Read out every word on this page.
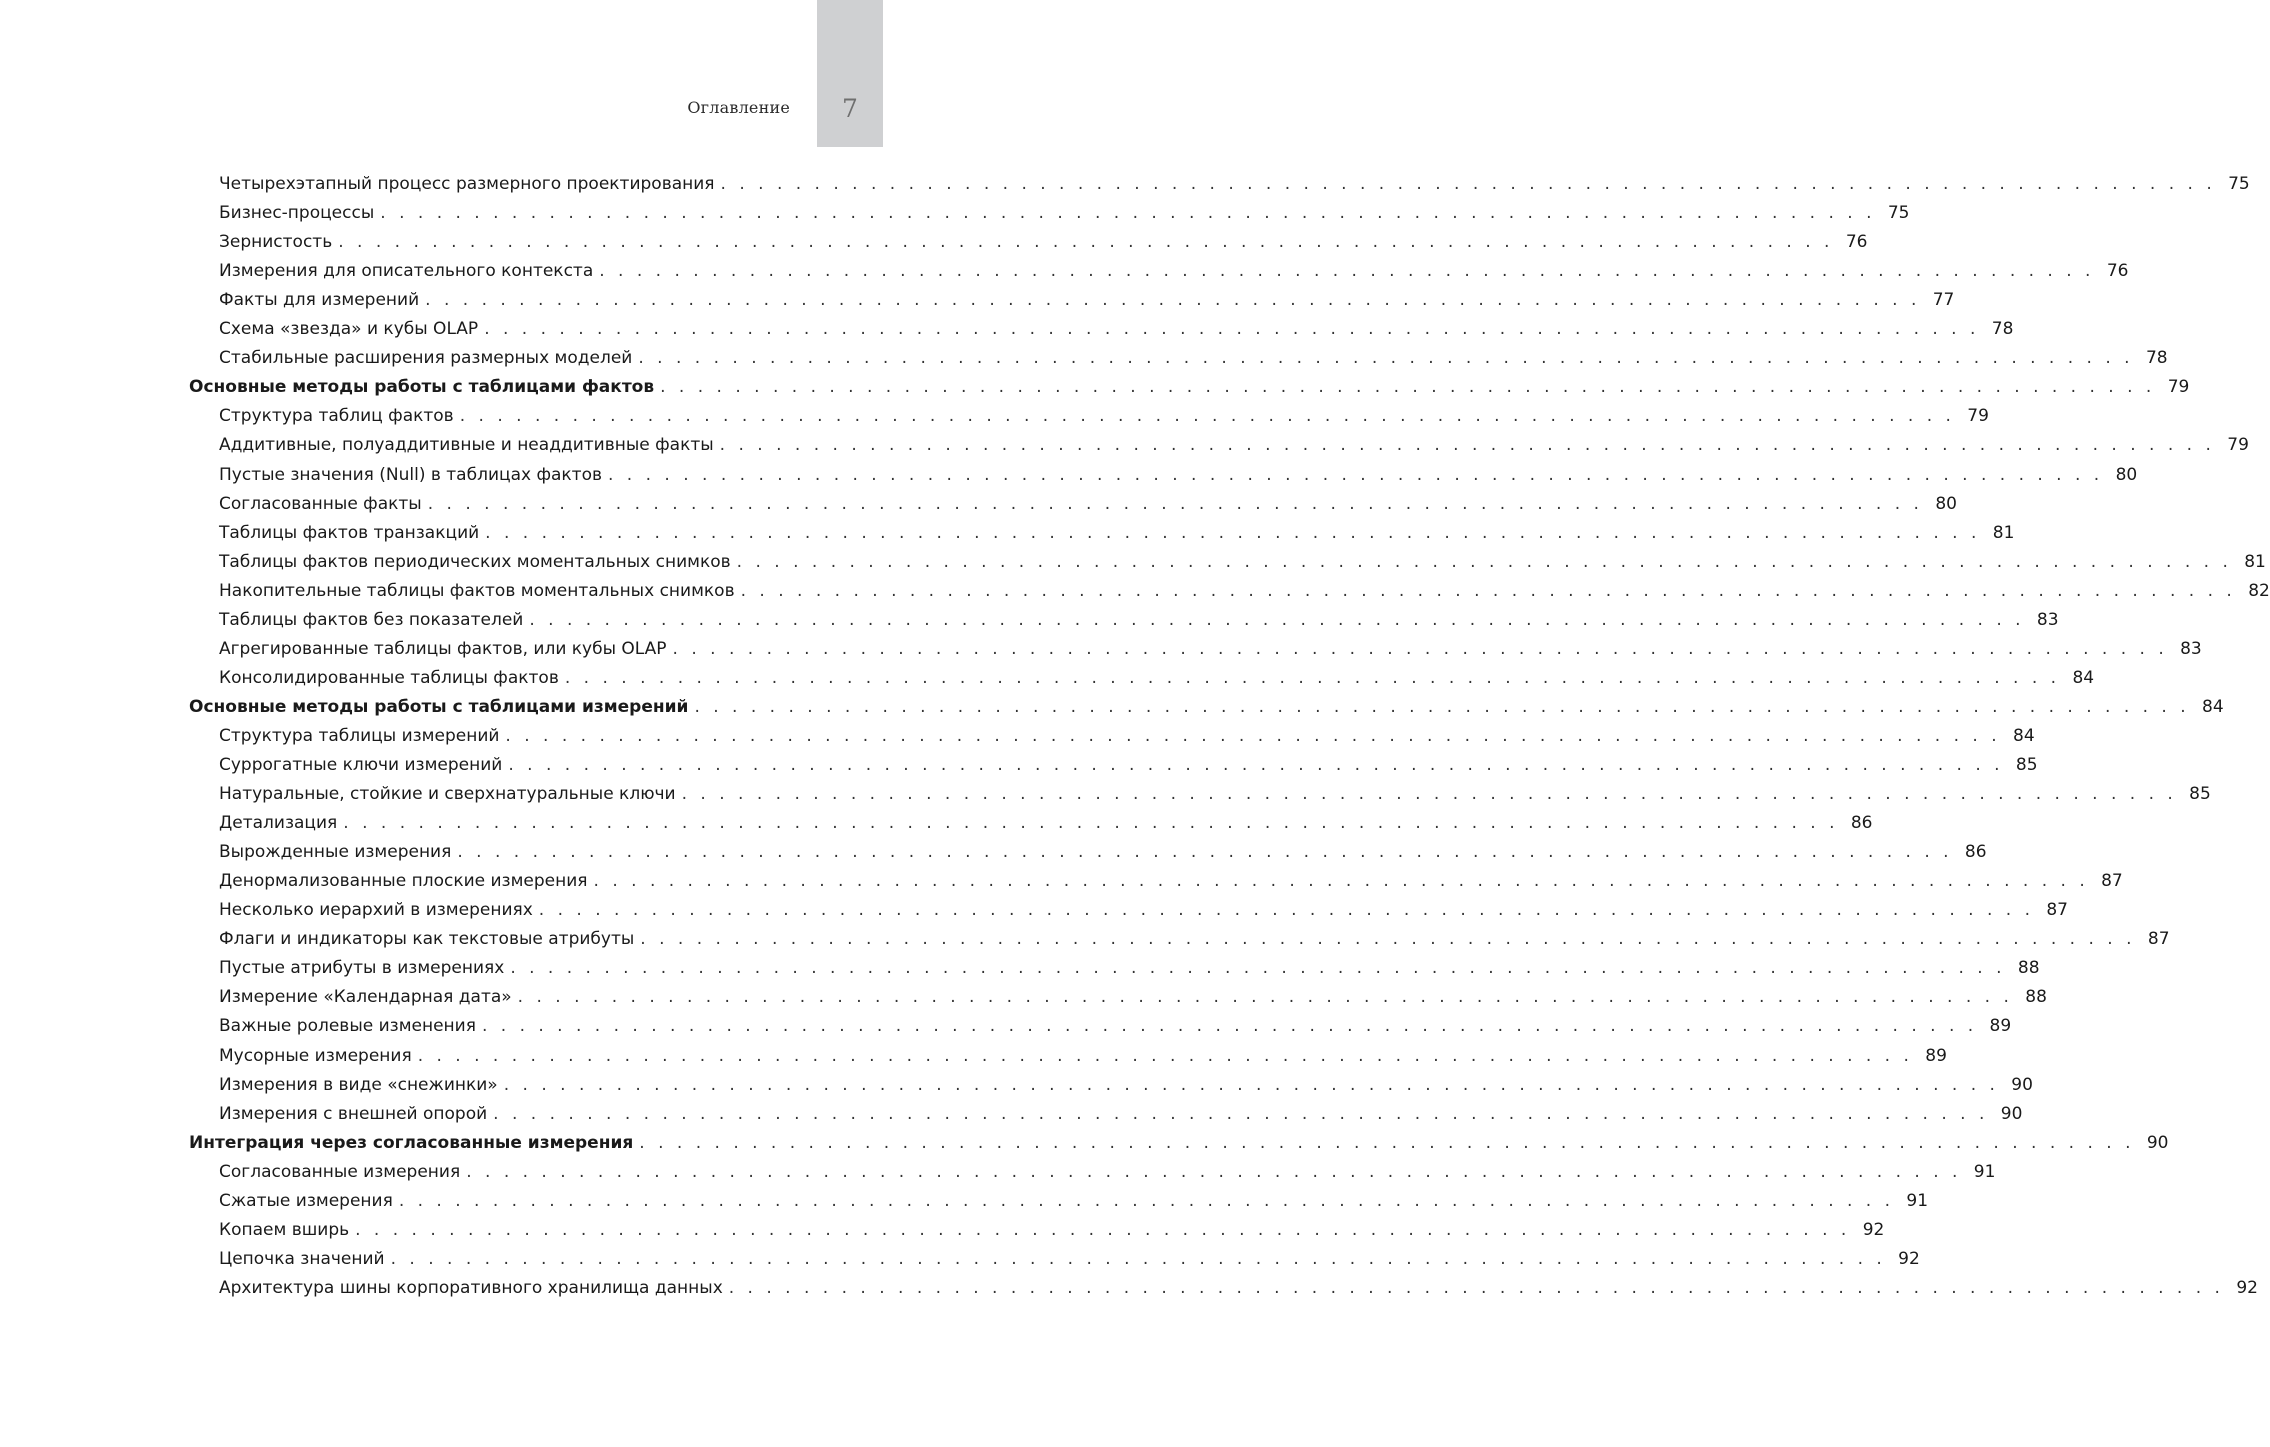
7
Оглавление
Четырехэтапный процесс размерного проектирования . . . . . . . . . . . . . . . . . . . . . . . . . . . . . . . . . . . . . . . . . . . . . . . . . . . . . . . . . . . . . . . . . . . . . . . . . . . . . . . . 75
Бизнес-процессы . . . . . . . . . . . . . . . . . . . . . . . . . . . . . . . . . . . . . . . . . . . . . . . . . . . . . . . . . . . . . . . . . . . . . . . . . . . . . . . . 75
Зернистость . . . . . . . . . . . . . . . . . . . . . . . . . . . . . . . . . . . . . . . . . . . . . . . . . . . . . . . . . . . . . . . . . . . . . . . . . . . . . . . . 76
Измерения для описательного контекста . . . . . . . . . . . . . . . . . . . . . . . . . . . . . . . . . . . . . . . . . . . . . . . . . . . . . . . . . . . . . . . . . . . . . . . . . . . . . . . . 76
Факты для измерений . . . . . . . . . . . . . . . . . . . . . . . . . . . . . . . . . . . . . . . . . . . . . . . . . . . . . . . . . . . . . . . . . . . . . . . . . . . . . . . . 77
Схема «звезда» и кубы OLAP . . . . . . . . . . . . . . . . . . . . . . . . . . . . . . . . . . . . . . . . . . . . . . . . . . . . . . . . . . . . . . . . . . . . . . . . . . . . . . . . 78
Стабильные расширения размерных моделей . . . . . . . . . . . . . . . . . . . . . . . . . . . . . . . . . . . . . . . . . . . . . . . . . . . . . . . . . . . . . . . . . . . . . . . . . . . . . . . . 78
Основные методы работы с таблицами фактов . . . . . . . . . . . . . . . . . . . . . . . . . . . . . . . . . . . . . . . . . . . . . . . . . . . . . . . . . . . . . . . . . . . . . . . . . . . . . . . . 79
Структура таблиц фактов . . . . . . . . . . . . . . . . . . . . . . . . . . . . . . . . . . . . . . . . . . . . . . . . . . . . . . . . . . . . . . . . . . . . . . . . . . . . . . . . 79
Аддитивные, полуаддитивные и неаддитивные факты . . . . . . . . . . . . . . . . . . . . . . . . . . . . . . . . . . . . . . . . . . . . . . . . . . . . . . . . . . . . . . . . . . . . . . . . . . . . . . . . 79
Пустые значения (Null) в таблицах фактов . . . . . . . . . . . . . . . . . . . . . . . . . . . . . . . . . . . . . . . . . . . . . . . . . . . . . . . . . . . . . . . . . . . . . . . . . . . . . . . . 80
Согласованные факты . . . . . . . . . . . . . . . . . . . . . . . . . . . . . . . . . . . . . . . . . . . . . . . . . . . . . . . . . . . . . . . . . . . . . . . . . . . . . . . . 80
Таблицы фактов транзакций . . . . . . . . . . . . . . . . . . . . . . . . . . . . . . . . . . . . . . . . . . . . . . . . . . . . . . . . . . . . . . . . . . . . . . . . . . . . . . . . 81
Таблицы фактов периодических моментальных снимков . . . . . . . . . . . . . . . . . . . . . . . . . . . . . . . . . . . . . . . . . . . . . . . . . . . . . . . . . . . . . . . . . . . . . . . . . . . . . . . . 81
Накопительные таблицы фактов моментальных снимков . . . . . . . . . . . . . . . . . . . . . . . . . . . . . . . . . . . . . . . . . . . . . . . . . . . . . . . . . . . . . . . . . . . . . . . . . . . . . . . . 82
Таблицы фактов без показателей . . . . . . . . . . . . . . . . . . . . . . . . . . . . . . . . . . . . . . . . . . . . . . . . . . . . . . . . . . . . . . . . . . . . . . . . . . . . . . . . 83
Агрегированные таблицы фактов, или кубы OLAP . . . . . . . . . . . . . . . . . . . . . . . . . . . . . . . . . . . . . . . . . . . . . . . . . . . . . . . . . . . . . . . . . . . . . . . . . . . . . . . . 83
Консолидированные таблицы фактов . . . . . . . . . . . . . . . . . . . . . . . . . . . . . . . . . . . . . . . . . . . . . . . . . . . . . . . . . . . . . . . . . . . . . . . . . . . . . . . . 84
Основные методы работы с таблицами измерений . . . . . . . . . . . . . . . . . . . . . . . . . . . . . . . . . . . . . . . . . . . . . . . . . . . . . . . . . . . . . . . . . . . . . . . . . . . . . . . . 84
Структура таблицы измерений . . . . . . . . . . . . . . . . . . . . . . . . . . . . . . . . . . . . . . . . . . . . . . . . . . . . . . . . . . . . . . . . . . . . . . . . . . . . . . . . 84
Суррогатные ключи измерений . . . . . . . . . . . . . . . . . . . . . . . . . . . . . . . . . . . . . . . . . . . . . . . . . . . . . . . . . . . . . . . . . . . . . . . . . . . . . . . . 85
Натуральные, стойкие и сверхнатуральные ключи . . . . . . . . . . . . . . . . . . . . . . . . . . . . . . . . . . . . . . . . . . . . . . . . . . . . . . . . . . . . . . . . . . . . . . . . . . . . . . . . 85
Детализация . . . . . . . . . . . . . . . . . . . . . . . . . . . . . . . . . . . . . . . . . . . . . . . . . . . . . . . . . . . . . . . . . . . . . . . . . . . . . . . . 86
Вырожденные измерения . . . . . . . . . . . . . . . . . . . . . . . . . . . . . . . . . . . . . . . . . . . . . . . . . . . . . . . . . . . . . . . . . . . . . . . . . . . . . . . . 86
Денормализованные плоские измерения . . . . . . . . . . . . . . . . . . . . . . . . . . . . . . . . . . . . . . . . . . . . . . . . . . . . . . . . . . . . . . . . . . . . . . . . . . . . . . . . 87
Несколько иерархий в измерениях . . . . . . . . . . . . . . . . . . . . . . . . . . . . . . . . . . . . . . . . . . . . . . . . . . . . . . . . . . . . . . . . . . . . . . . . . . . . . . . . 87
Флаги и индикаторы как текстовые атрибуты . . . . . . . . . . . . . . . . . . . . . . . . . . . . . . . . . . . . . . . . . . . . . . . . . . . . . . . . . . . . . . . . . . . . . . . . . . . . . . . . 87
Пустые атрибуты в измерениях . . . . . . . . . . . . . . . . . . . . . . . . . . . . . . . . . . . . . . . . . . . . . . . . . . . . . . . . . . . . . . . . . . . . . . . . . . . . . . . . 88
Измерение «Календарная дата» . . . . . . . . . . . . . . . . . . . . . . . . . . . . . . . . . . . . . . . . . . . . . . . . . . . . . . . . . . . . . . . . . . . . . . . . . . . . . . . . 88
Важные ролевые изменения . . . . . . . . . . . . . . . . . . . . . . . . . . . . . . . . . . . . . . . . . . . . . . . . . . . . . . . . . . . . . . . . . . . . . . . . . . . . . . . . 89
Мусорные измерения . . . . . . . . . . . . . . . . . . . . . . . . . . . . . . . . . . . . . . . . . . . . . . . . . . . . . . . . . . . . . . . . . . . . . . . . . . . . . . . . 89
Измерения в виде «снежинки» . . . . . . . . . . . . . . . . . . . . . . . . . . . . . . . . . . . . . . . . . . . . . . . . . . . . . . . . . . . . . . . . . . . . . . . . . . . . . . . . 90
Измерения с внешней опорой . . . . . . . . . . . . . . . . . . . . . . . . . . . . . . . . . . . . . . . . . . . . . . . . . . . . . . . . . . . . . . . . . . . . . . . . . . . . . . . . 90
Интеграция через согласованные измерения . . . . . . . . . . . . . . . . . . . . . . . . . . . . . . . . . . . . . . . . . . . . . . . . . . . . . . . . . . . . . . . . . . . . . . . . . . . . . . . . 90
Согласованные измерения . . . . . . . . . . . . . . . . . . . . . . . . . . . . . . . . . . . . . . . . . . . . . . . . . . . . . . . . . . . . . . . . . . . . . . . . . . . . . . . . 91
Сжатые измерения . . . . . . . . . . . . . . . . . . . . . . . . . . . . . . . . . . . . . . . . . . . . . . . . . . . . . . . . . . . . . . . . . . . . . . . . . . . . . . . . 91
Копаем вширь . . . . . . . . . . . . . . . . . . . . . . . . . . . . . . . . . . . . . . . . . . . . . . . . . . . . . . . . . . . . . . . . . . . . . . . . . . . . . . . . 92
Цепочка значений . . . . . . . . . . . . . . . . . . . . . . . . . . . . . . . . . . . . . . . . . . . . . . . . . . . . . . . . . . . . . . . . . . . . . . . . . . . . . . . . 92
Архитектура шины корпоративного хранилища данных . . . . . . . . . . . . . . . . . . . . . . . . . . . . . . . . . . . . . . . . . . . . . . . . . . . . . . . . . . . . . . . . . . . . . . . . . . . . . . . . 92
